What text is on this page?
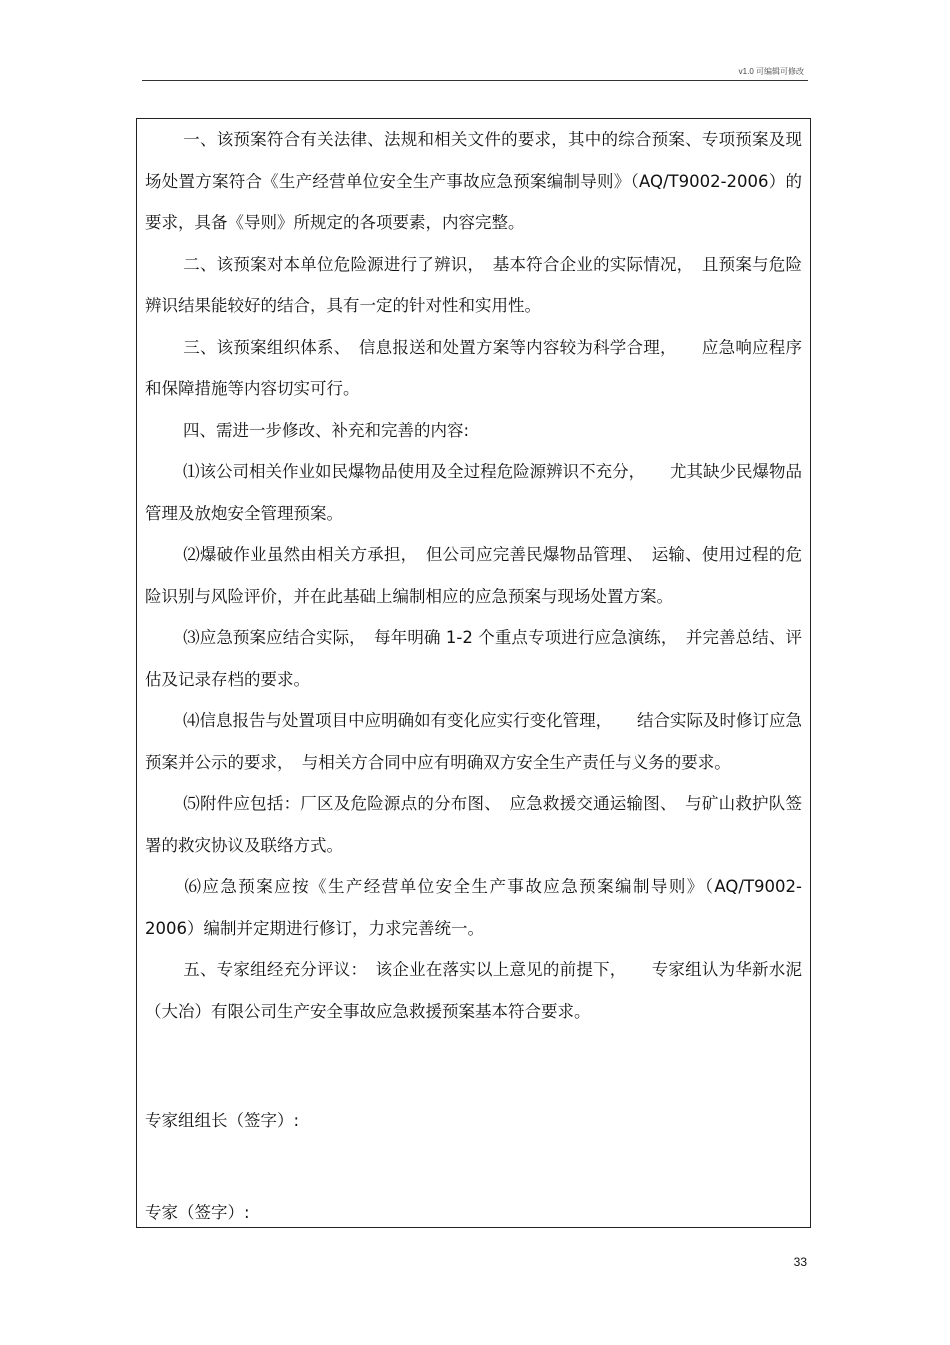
v1.0 可编辑可修改

一、该预案符合有关法律、法规和相关文件的要求，其中的综合预案、专项预案及现场处置方案符合《生产经营单位安全生产事故应急预案编制导则》（AQ/T9002-2006）的要求，具备《导则》所规定的各项要素，内容完整。

二、该预案对本单位危险源进行了辨识，　基本符合企业的实际情况，　且预案与危险辨识结果能较好的结合，具有一定的针对性和实用性。

三、该预案组织体系、　信息报送和处置方案等内容较为科学合理，　　应急响应程序和保障措施等内容切实可行。

四、需进一步修改、补充和完善的内容:

⑴该公司相关作业如民爆物品使用及全过程危险源辨识不充分，　　尤其缺少民爆物品管理及放炮安全管理预案。

⑵爆破作业虽然由相关方承担，　但公司应完善民爆物品管理、　运输、使用过程的危险识别与风险评价，并在此基础上编制相应的应急预案与现场处置方案。

⑶应急预案应结合实际，　每年明确 1-2 个重点专项进行应急演练，　并完善总结、评估及记录存档的要求。

⑷信息报告与处置项目中应明确如有变化应实行变化管理，　　结合实际及时修订应急预案并公示的要求，　与相关方合同中应有明确双方安全生产责任与义务的要求。

⑸附件应包括：厂区及危险源点的分布图、　应急救援交通运输图、　与矿山救护队签署的救灾协议及联络方式。

⑹应急预案应按《生产经营单位安全生产事故应急预案编制导则》（AQ/T9002-2006）编制并定期进行修订，力求完善统一。

五、专家组经充分评议：　该企业在落实以上意见的前提下，　　专家组认为华新水泥（大冶）有限公司生产安全事故应急救援预案基本符合要求。

专家组组长（签字）:
专家（签字）:
33
